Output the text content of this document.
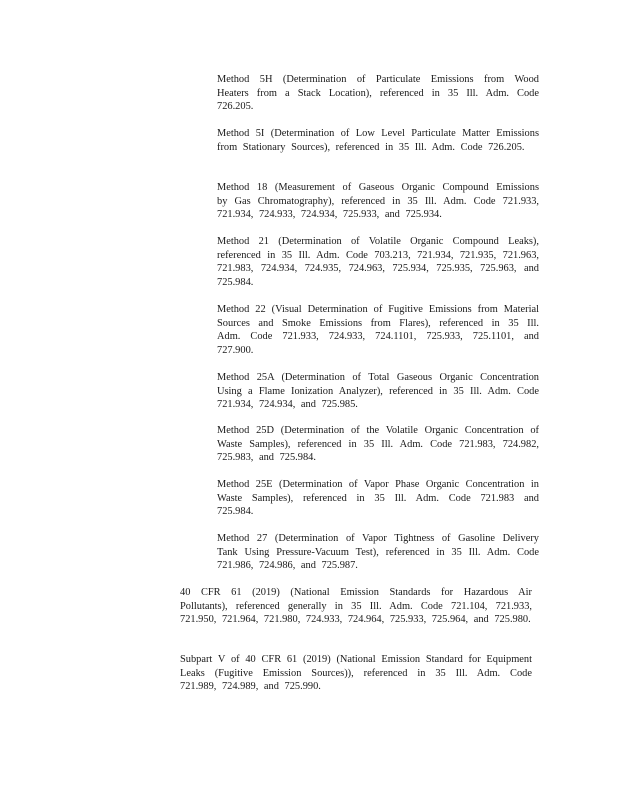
Method 5H (Determination of Particulate Emissions from Wood Heaters from a Stack Location), referenced in 35 Ill. Adm. Code 726.205.

Method 5I (Determination of Low Level Particulate Matter Emissions from Stationary Sources), referenced in 35 Ill. Adm. Code 726.205.

Method 18 (Measurement of Gaseous Organic Compound Emissions by Gas Chromatography), referenced in 35 Ill. Adm. Code 721.933, 721.934, 724.933, 724.934, 725.933, and 725.934.

Method 21 (Determination of Volatile Organic Compound Leaks), referenced in 35 Ill. Adm. Code 703.213, 721.934, 721.935, 721.963, 721.983, 724.934, 724.935, 724.963, 725.934, 725.935, 725.963, and 725.984.

Method 22 (Visual Determination of Fugitive Emissions from Material Sources and Smoke Emissions from Flares), referenced in 35 Ill. Adm. Code 721.933, 724.933, 724.1101, 725.933, 725.1101, and 727.900.

Method 25A (Determination of Total Gaseous Organic Concentration Using a Flame Ionization Analyzer), referenced in 35 Ill. Adm. Code 721.934, 724.934, and 725.985.

Method 25D (Determination of the Volatile Organic Concentration of Waste Samples), referenced in 35 Ill. Adm. Code 721.983, 724.982, 725.983, and 725.984.

Method 25E (Determination of Vapor Phase Organic Concentration in Waste Samples), referenced in 35 Ill. Adm. Code 721.983 and 725.984.

Method 27 (Determination of Vapor Tightness of Gasoline Delivery Tank Using Pressure-Vacuum Test), referenced in 35 Ill. Adm. Code 721.986, 724.986, and 725.987.

40 CFR 61 (2019) (National Emission Standards for Hazardous Air Pollutants), referenced generally in 35 Ill. Adm. Code 721.104, 721.933, 721.950, 721.964, 721.980, 724.933, 724.964, 725.933, 725.964, and 725.980.

Subpart V of 40 CFR 61 (2019) (National Emission Standard for Equipment Leaks (Fugitive Emission Sources)), referenced in 35 Ill. Adm. Code 721.989, 724.989, and 725.990.
